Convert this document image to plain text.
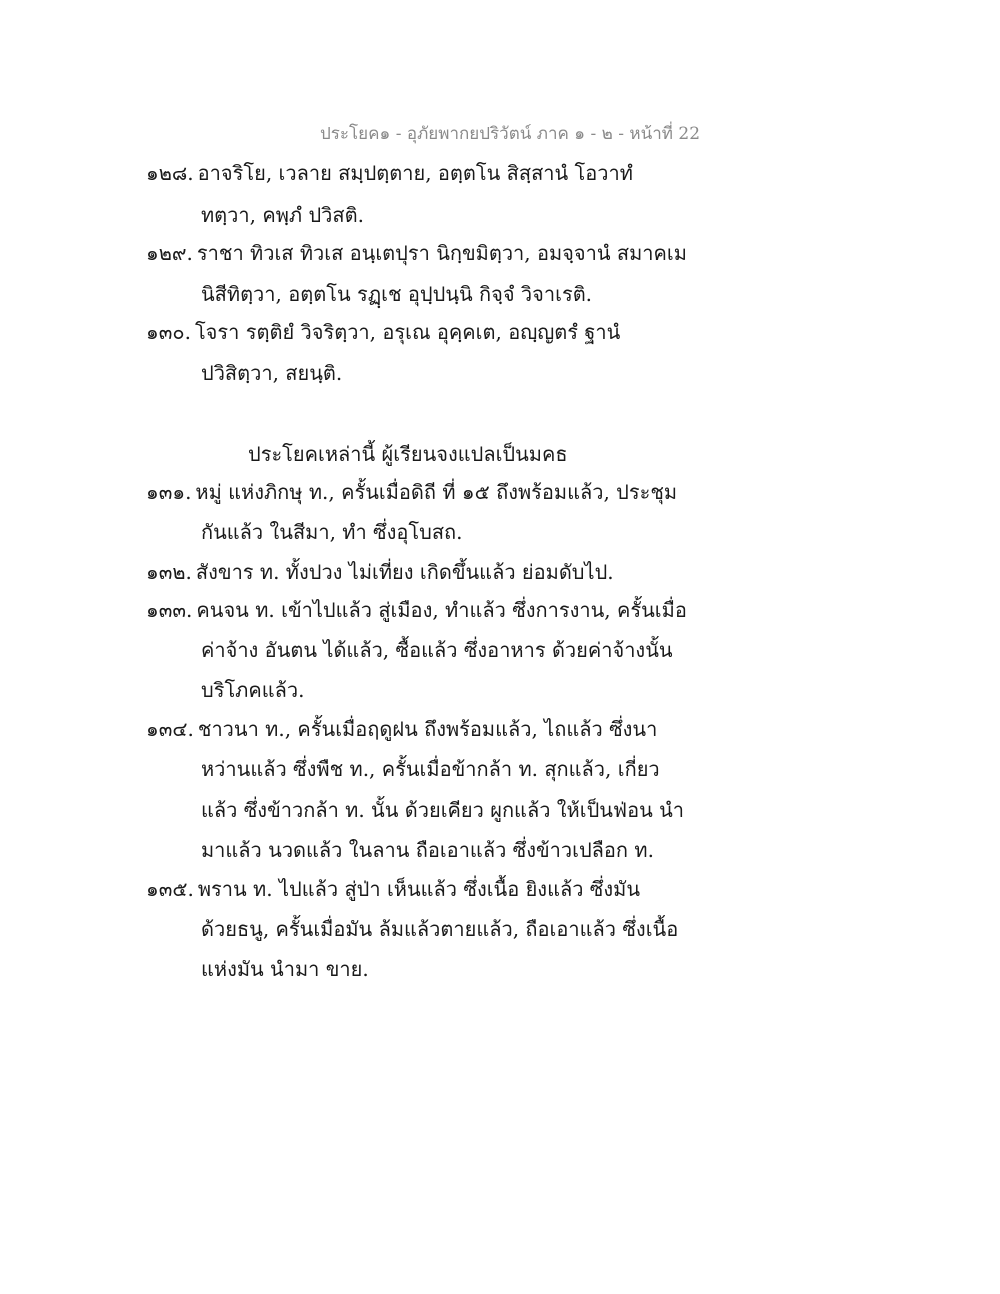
ประโยค๑ - อุภัยพากยปริวัตน์ ภาค ๑ - ๒ - หน้าที่ 22
๑๒๘. อาจริโย, เวลาย สมฺปตฺตาย, อตฺตโน สิสฺสานํ โอวาทํ
ทตฺวา, คพฺภํ ปวิสติ.
๑๒๙. ราชา ทิวเส ทิวเส อนฺเตปุรา นิกฺขมิตฺวา, อมจฺจานํ สมาคเม
นิสีทิตฺวา, อตฺตโน รฏฺเช อุปฺปนฺนิ กิจฺจํ วิจาเรติ.
๑๓๐. โจรา รตฺติยํ วิจริตฺวา, อรุเณ อุคฺคเต, อญฺญตรํ ฐานํ
ปวิสิตฺวา, สยนฺติ.
ประโยคเหล่านี้ ผู้เรียนจงแปลเป็นมคธ
๑๓๑. หมู่ แห่งภิกษุ ท., ครั้นเมื่อดิถี ที่ ๑๕ ถึงพร้อมแล้ว, ประชุม
กันแล้ว ในสีมา, ทำ ซึ่งอุโบสถ.
๑๓๒. สังขาร ท. ทั้งปวง ไม่เที่ยง เกิดขึ้นแล้ว ย่อมดับไป.
๑๓๓. คนจน ท. เข้าไปแล้ว สู่เมือง, ทำแล้ว ซึ่งการงาน, ครั้นเมื่อ
ค่าจ้าง อันตน ได้แล้ว, ซื้อแล้ว ซึ่งอาหาร ด้วยค่าจ้างนั้น
บริโภคแล้ว.
๑๓๔. ชาวนา ท., ครั้นเมื่อฤดูฝน ถึงพร้อมแล้ว, ไถแล้ว ซึ่งนา
หว่านแล้ว ซึ่งพืช ท., ครั้นเมื่อข้ากล้า ท. สุกแล้ว, เกี่ยว
แล้ว ซึ่งข้าวกล้า ท. นั้น ด้วยเคียว ผูกแล้ว ให้เป็นฟ่อน นำ
มาแล้ว นวดแล้ว ในลาน ถือเอาแล้ว ซึ่งข้าวเปลือก ท.
๑๓๕. พราน ท. ไปแล้ว สู่ป่า เห็นแล้ว ซึ่งเนื้อ ยิงแล้ว ซึ่งมัน
ด้วยธนู, ครั้นเมื่อมัน ล้มแล้วตายแล้ว, ถือเอาแล้ว ซึ่งเนื้อ
แห่งมัน นำมา ขาย.
